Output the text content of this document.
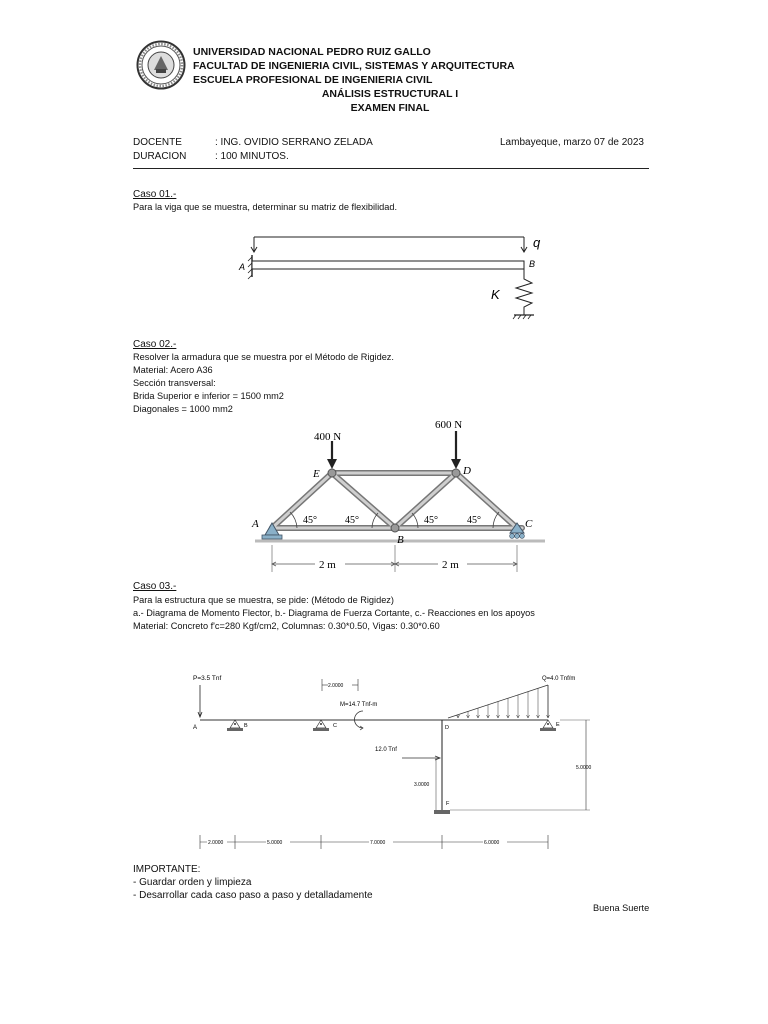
UNIVERSIDAD NACIONAL PEDRO RUIZ GALLO
FACULTAD DE INGENIERIA CIVIL, SISTEMAS Y ARQUITECTURA
ESCUELA PROFESIONAL DE INGENIERIA CIVIL
ANÁLISIS ESTRUCTURAL I
EXAMEN FINAL
DOCENTE	: ING. OVIDIO SERRANO ZELADA
DURACION	: 100 MINUTOS.
Lambayeque, marzo 07 de 2023
Caso 01.-
Para la viga que se muestra, determinar su matriz de flexibilidad.
q
A	B
K
Caso 02.-
Resolver la armadura que se muestra por el Método de Rigidez.
Material: Acero A36
Sección transversal:
Brida Superior e inferior = 1500 mm2
Diagonales = 1000 mm2
400 N
600 N
E	D
A
B
C
45°	45°	45°	45°
2 m	2 m
Caso 03.-
Para la estructura que se muestra, se pide: (Método de Rigidez)
a.- Diagrama de Momento Flector, b.- Diagrama de Fuerza Cortante, c.- Reacciones en los apoyos
Material: Concreto f'c=280 Kgf/cm2, Columnas: 0.30*0.50, Vigas: 0.30*0.60
P=3.5 Tnf
A	B	C	D	E
F
2.0000
M=14.7 Tnf-m
12.0 Tnf
3.0000
Q=4.0 Tnf/m
5.0000
2.0000	5.0000	7.0000	6.0000
IMPORTANTE:
- Guardar orden y limpieza
- Desarrollar cada caso paso a paso y detalladamente
Buena Suerte
